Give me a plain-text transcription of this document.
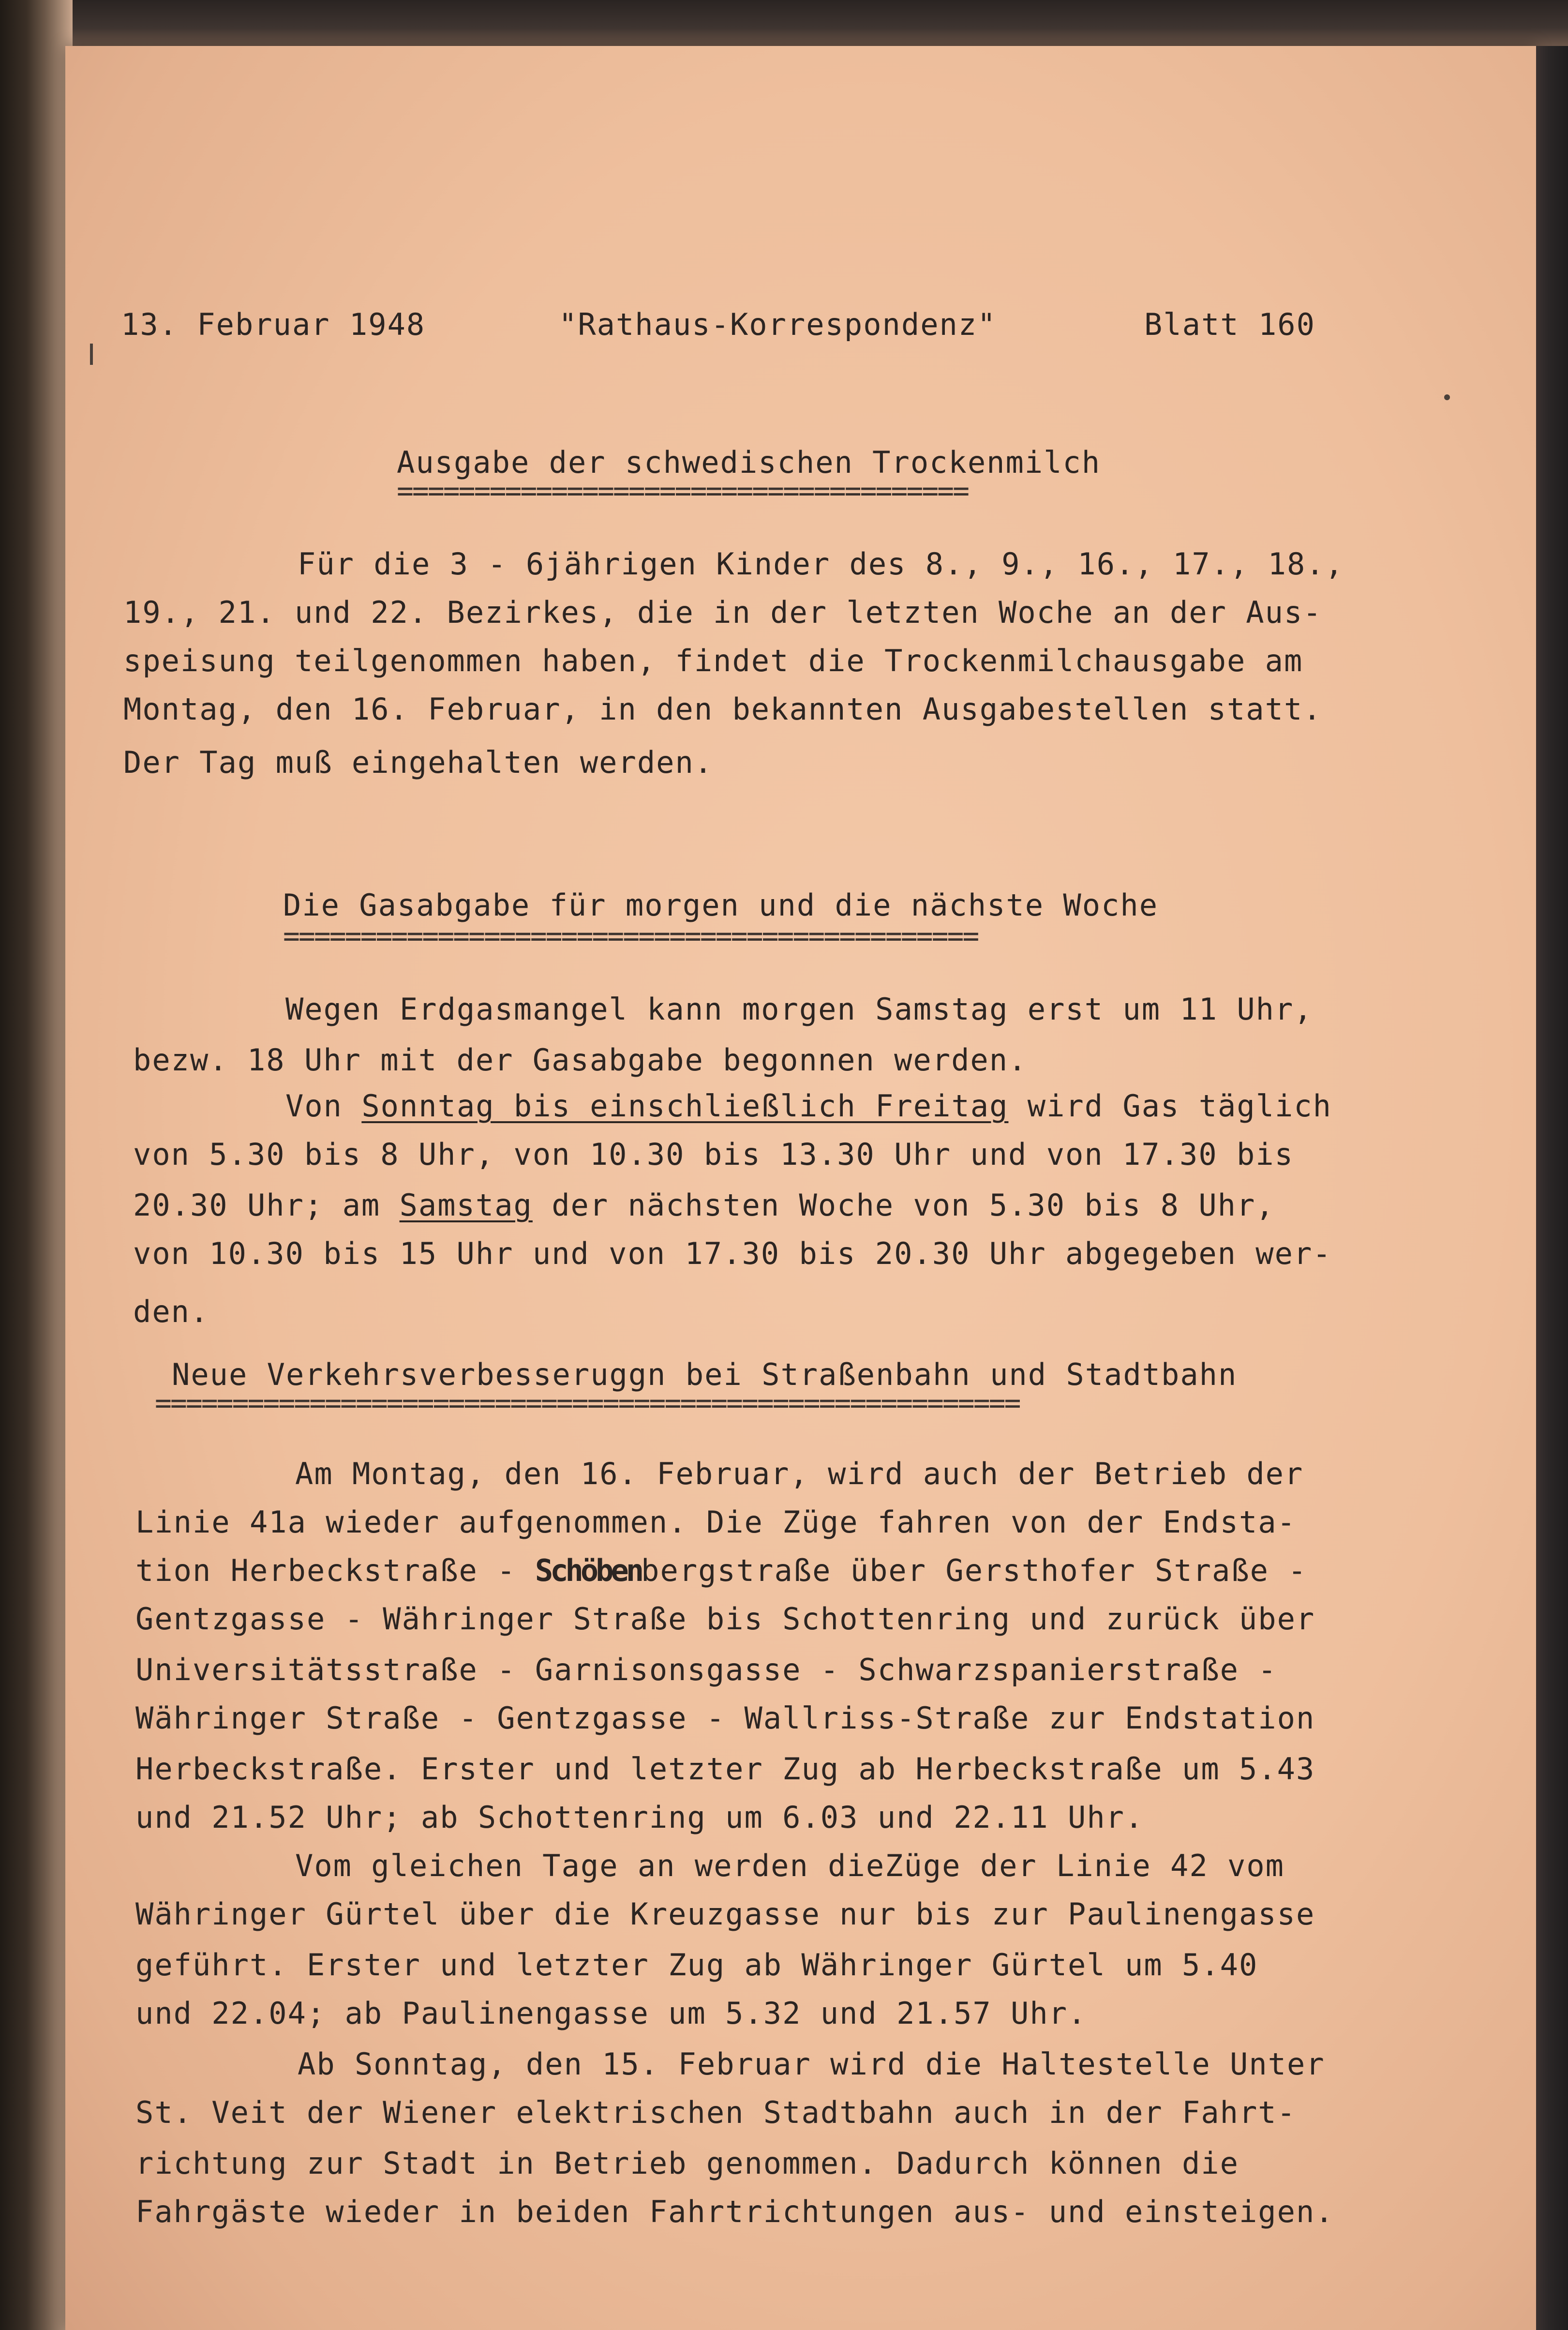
13. Februar 1948	"Rathaus-Korrespondenz"	Blatt 160
Ausgabe der schwedischen Trockenmilch
=====================================
Für die 3 - 6jährigen Kinder des 8., 9., 16., 17., 18.,
19., 21. und 22. Bezirkes, die in der letzten Woche an der Aus-
speisung teilgenommen haben, findet die Trockenmilchausgabe am
Montag, den 16. Februar, in den bekannten Ausgabestellen statt.
Der Tag muß eingehalten werden.
Die Gasabgabe für morgen und die nächste Woche
=============================================
Wegen Erdgasmangel kann morgen Samstag erst um 11 Uhr,
bezw. 18 Uhr mit der Gasabgabe begonnen werden.
Von Sonntag bis einschließlich Freitag wird Gas täglich
von 5.30 bis 8 Uhr, von 10.30 bis 13.30 Uhr und von 17.30 bis
20.30 Uhr; am Samstag der nächsten Woche von 5.30 bis 8 Uhr,
von 10.30 bis 15 Uhr und von 17.30 bis 20.30 Uhr abgegeben wer-
den.
Neue Verkehrsverbesseruggn bei Straßenbahn und Stadtbahn
========================================================
Am Montag, den 16. Februar, wird auch der Betrieb der
Linie 41a wieder aufgenommen. Die Züge fahren von der Endsta-
tion Herbeckstraße - Schöbenbergstraße über Gersthofer Straße -
Gentzgasse - Währinger Straße bis Schottenring und zurück über
Universitätsstraße - Garnisonsgasse - Schwarzspanierstraße -
Währinger Straße - Gentzgasse - Wallriss-Straße zur Endstation
Herbeckstraße. Erster und letzter Zug ab Herbeckstraße um 5.43
und 21.52 Uhr; ab Schottenring um 6.03 und 22.11 Uhr.
Vom gleichen Tage an werden dieZüge der Linie 42 vom
Währinger Gürtel über die Kreuzgasse nur bis zur Paulinengasse
geführt. Erster und letzter Zug ab Währinger Gürtel um 5.40
und 22.04; ab Paulinengasse um 5.32 und 21.57 Uhr.
Ab Sonntag, den 15. Februar wird die Haltestelle Unter
St. Veit der Wiener elektrischen Stadtbahn auch in der Fahrt-
richtung zur Stadt in Betrieb genommen. Dadurch können die
Fahrgäste wieder in beiden Fahrtrichtungen aus- und einsteigen.
